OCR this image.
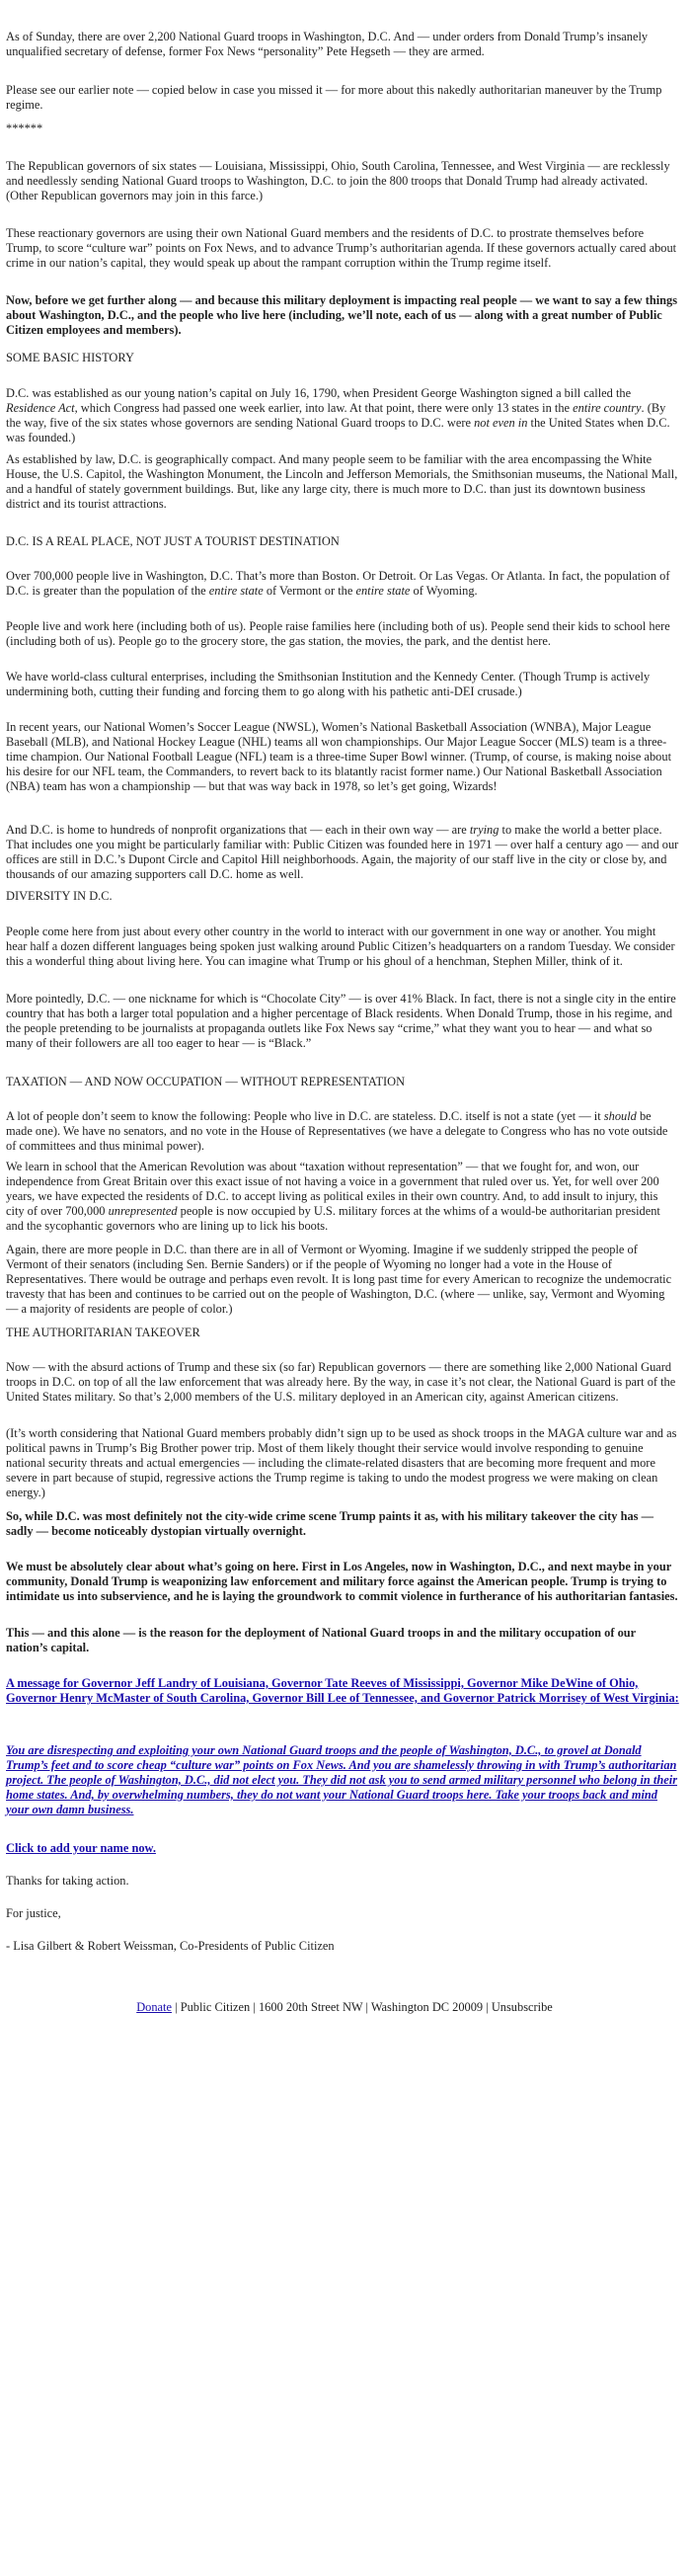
As of Sunday, there are over 2,200 National Guard troops in Washington, D.C. And — under orders from Donald Trump’s insanely unqualified secretary of defense, former Fox News “personality” Pete Hegseth — they are armed.

Please see our earlier note — copied below in case you missed it — for more about this nakedly authoritarian maneuver by the Trump regime.

******

The Republican governors of six states — Louisiana, Mississippi, Ohio, South Carolina, Tennessee, and West Virginia — are recklessly and needlessly sending National Guard troops to Washington, D.C. to join the 800 troops that Donald Trump had already activated. (Other Republican governors may join in this farce.)

These reactionary governors are using their own National Guard members and the residents of D.C. to prostrate themselves before Trump, to score “culture war” points on Fox News, and to advance Trump’s authoritarian agenda. If these governors actually cared about crime in our nation’s capital, they would speak up about the rampant corruption within the Trump regime itself.

Now, before we get further along — and because this military deployment is impacting real people — we want to say a few things about Washington, D.C., and the people who live here (including, we’ll note, each of us — along with a great number of Public Citizen employees and members).

SOME BASIC HISTORY

D.C. was established as our young nation’s capital on July 16, 1790, when President George Washington signed a bill called the Residence Act, which Congress had passed one week earlier, into law. At that point, there were only 13 states in the entire country. (By the way, five of the six states whose governors are sending National Guard troops to D.C. were not even in the United States when D.C. was founded.)

As established by law, D.C. is geographically compact. And many people seem to be familiar with the area encompassing the White House, the U.S. Capitol, the Washington Monument, the Lincoln and Jefferson Memorials, the Smithsonian museums, the National Mall, and a handful of stately government buildings. But, like any large city, there is much more to D.C. than just its downtown business district and its tourist attractions.

D.C. IS A REAL PLACE, NOT JUST A TOURIST DESTINATION

Over 700,000 people live in Washington, D.C. That’s more than Boston. Or Detroit. Or Las Vegas. Or Atlanta. In fact, the population of D.C. is greater than the population of the entire state of Vermont or the entire state of Wyoming.

People live and work here (including both of us). People raise families here (including both of us). People send their kids to school here (including both of us). People go to the grocery store, the gas station, the movies, the park, and the dentist here.

We have world-class cultural enterprises, including the Smithsonian Institution and the Kennedy Center. (Though Trump is actively undermining both, cutting their funding and forcing them to go along with his pathetic anti-DEI crusade.)

In recent years, our National Women’s Soccer League (NWSL), Women’s National Basketball Association (WNBA), Major League Baseball (MLB), and National Hockey League (NHL) teams all won championships. Our Major League Soccer (MLS) team is a three-time champion. Our National Football League (NFL) team is a three-time Super Bowl winner. (Trump, of course, is making noise about his desire for our NFL team, the Commanders, to revert back to its blatantly racist former name.) Our National Basketball Association (NBA) team has won a championship — but that was way back in 1978, so let’s get going, Wizards!

And D.C. is home to hundreds of nonprofit organizations that — each in their own way — are trying to make the world a better place. That includes one you might be particularly familiar with: Public Citizen was founded here in 1971 — over half a century ago — and our offices are still in D.C.’s Dupont Circle and Capitol Hill neighborhoods. Again, the majority of our staff live in the city or close by, and thousands of our amazing supporters call D.C. home as well.

DIVERSITY IN D.C.

People come here from just about every other country in the world to interact with our government in one way or another. You might hear half a dozen different languages being spoken just walking around Public Citizen’s headquarters on a random Tuesday. We consider this a wonderful thing about living here. You can imagine what Trump or his ghoul of a henchman, Stephen Miller, think of it.

More pointedly, D.C. — one nickname for which is “Chocolate City” — is over 41% Black. In fact, there is not a single city in the entire country that has both a larger total population and a higher percentage of Black residents. When Donald Trump, those in his regime, and the people pretending to be journalists at propaganda outlets like Fox News say “crime,” what they want you to hear — and what so many of their followers are all too eager to hear — is “Black.”

TAXATION — AND NOW OCCUPATION — WITHOUT REPRESENTATION

A lot of people don’t seem to know the following: People who live in D.C. are stateless. D.C. itself is not a state (yet — it should be made one). We have no senators, and no vote in the House of Representatives (we have a delegate to Congress who has no vote outside of committees and thus minimal power).

We learn in school that the American Revolution was about “taxation without representation” — that we fought for, and won, our independence from Great Britain over this exact issue of not having a voice in a government that ruled over us. Yet, for well over 200 years, we have expected the residents of D.C. to accept living as political exiles in their own country. And, to add insult to injury, this city of over 700,000 unrepresented people is now occupied by U.S. military forces at the whims of a would-be authoritarian president and the sycophantic governors who are lining up to lick his boots.

Again, there are more people in D.C. than there are in all of Vermont or Wyoming. Imagine if we suddenly stripped the people of Vermont of their senators (including Sen. Bernie Sanders) or if the people of Wyoming no longer had a vote in the House of Representatives. There would be outrage and perhaps even revolt. It is long past time for every American to recognize the undemocratic travesty that has been and continues to be carried out on the people of Washington, D.C. (where — unlike, say, Vermont and Wyoming — a majority of residents are people of color.)

THE AUTHORITARIAN TAKEOVER

Now — with the absurd actions of Trump and these six (so far) Republican governors — there are something like 2,000 National Guard troops in D.C. on top of all the law enforcement that was already here. By the way, in case it’s not clear, the National Guard is part of the United States military. So that’s 2,000 members of the U.S. military deployed in an American city, against American citizens.

(It’s worth considering that National Guard members probably didn’t sign up to be used as shock troops in the MAGA culture war and as political pawns in Trump’s Big Brother power trip. Most of them likely thought their service would involve responding to genuine national security threats and actual emergencies — including the climate-related disasters that are becoming more frequent and more severe in part because of stupid, regressive actions the Trump regime is taking to undo the modest progress we were making on clean energy.)

So, while D.C. was most definitely not the city-wide crime scene Trump paints it as, with his military takeover the city has — sadly — become noticeably dystopian virtually overnight.

We must be absolutely clear about what’s going on here. First in Los Angeles, now in Washington, D.C., and next maybe in your community, Donald Trump is weaponizing law enforcement and military force against the American people. Trump is trying to intimidate us into subservience, and he is laying the groundwork to commit violence in furtherance of his authoritarian fantasies.

This — and this alone — is the reason for the deployment of National Guard troops in and the military occupation of our nation’s capital.

A message for Governor Jeff Landry of Louisiana, Governor Tate Reeves of Mississippi, Governor Mike DeWine of Ohio, Governor Henry McMaster of South Carolina, Governor Bill Lee of Tennessee, and Governor Patrick Morrisey of West Virginia:

You are disrespecting and exploiting your own National Guard troops and the people of Washington, D.C., to grovel at Donald Trump’s feet and to score cheap “culture war” points on Fox News. And you are shamelessly throwing in with Trump’s authoritarian project. The people of Washington, D.C., did not elect you. They did not ask you to send armed military personnel who belong in their home states. And, by overwhelming numbers, they do not want your National Guard troops here. Take your troops back and mind your own damn business.

Click to add your name now.

Thanks for taking action.

For justice,

- Lisa Gilbert & Robert Weissman, Co-Presidents of Public Citizen

Donate | Public Citizen | 1600 20th Street NW | Washington DC 20009 | Unsubscribe
